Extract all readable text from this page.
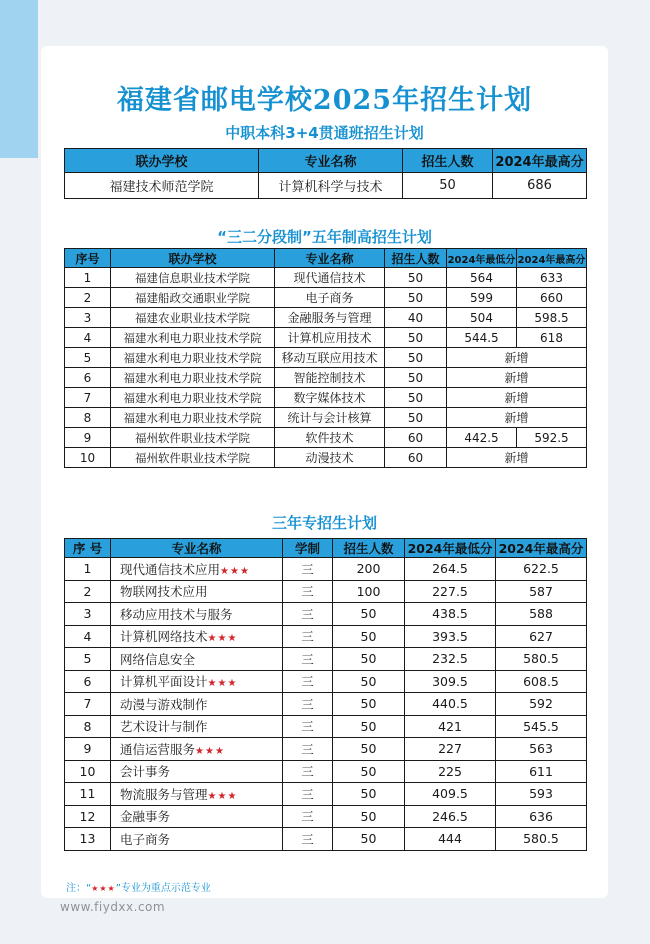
福建省邮电学校2025年招生计划
中职本科3+4贯通班招生计划
联办学校	专业名称	招生人数	2024年最高分
福建技术师范学院	计算机科学与技术	50	686
“三二分段制”五年制高招生计划
序号	联办学校	专业名称	招生人数	2024年最低分	2024年最高分
1	福建信息职业技术学院	现代通信技术	50	564	633
2	福建船政交通职业学院	电子商务	50	599	660
3	福建农业职业技术学院	金融服务与管理	40	504	598.5
4	福建水利电力职业技术学院	计算机应用技术	50	544.5	618
5	福建水利电力职业技术学院	移动互联应用技术	50	新增	
6	福建水利电力职业技术学院	智能控制技术	50	新增	
7	福建水利电力职业技术学院	数字媒体技术	50	新增	
8	福建水利电力职业技术学院	统计与会计核算	50	新增	
9	福州软件职业技术学院	软件技术	60	442.5	592.5
10	福州软件职业技术学院	动漫技术	60	新增	
三年专招生计划
序 号	专业名称	学制	招生人数	2024年最低分	2024年最高分
1	现代通信技术应用★★★	三	200	264.5	622.5
2	物联网技术应用	三	100	227.5	587
3	移动应用技术与服务	三	50	438.5	588
4	计算机网络技术★★★	三	50	393.5	627
5	网络信息安全	三	50	232.5	580.5
6	计算机平面设计★★★	三	50	309.5	608.5
7	动漫与游戏制作	三	50	440.5	592
8	艺术设计与制作	三	50	421	545.5
9	通信运营服务★★★	三	50	227	563
10	会计事务	三	50	225	611
11	物流服务与管理★★★	三	50	409.5	593
12	金融事务	三	50	246.5	636
13	电子商务	三	50	444	580.5
注：“★★★”专业为重点示范专业
www.fiydxx.com
